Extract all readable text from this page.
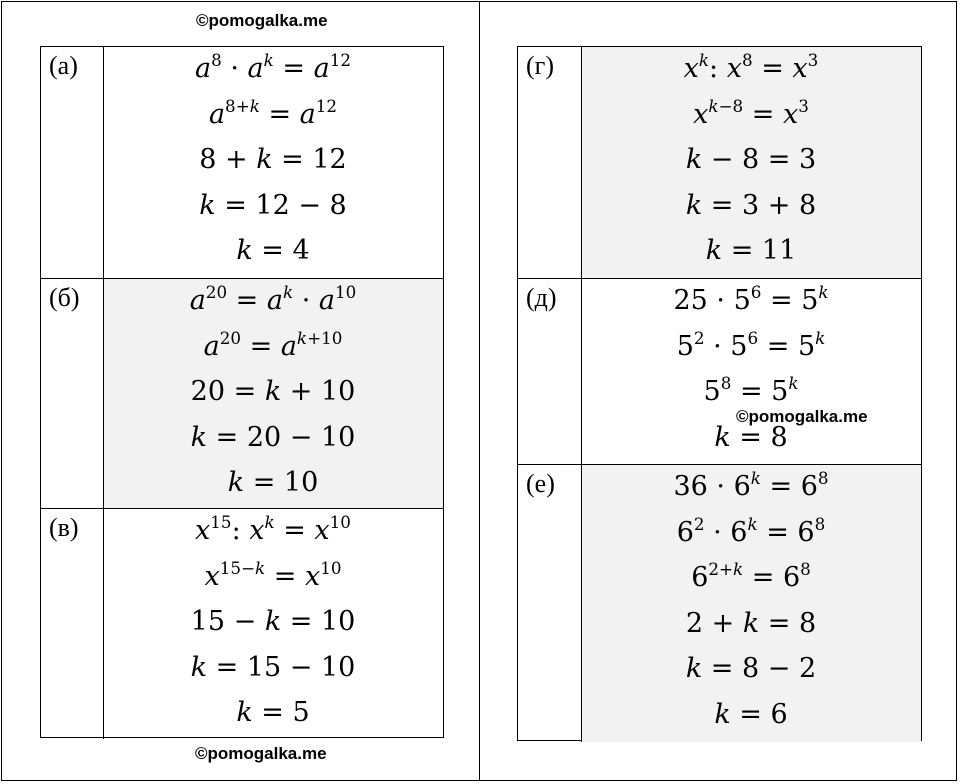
©pomogalka.me
©pomogalka.me
©pomogalka.me
(а)	$a^8 \cdot a^k = a^{12}$
$a^{8+k} = a^{12}$
8 + k = 12
k = 12 − 8
k = 4
(б)	$a^{20} = a^k \cdot a^{10}$
$a^{20} = a^{k+10}$
20 = k + 10
k = 20 − 10
k = 10
(в)	$x^{15}$: $x^k = x^{10}$
$x^{15-k} = x^{10}$
15 − k = 10
k = 15 − 10
k = 5
(г)	$x^k$: $x^8 = x^3$
$x^{k-8} = x^3$
k − 8 = 3
k = 3 + 8
k = 11
(д)	$25 \cdot 5^6 = 5^k$
$5^2 \cdot 5^6 = 5^k$
$5^8 = 5^k$
k = 8
(е)	$36 \cdot 6^k = 6^8$
$6^2 \cdot 6^k = 6^8$
$6^{2+k} = 6^8$
2 + k = 8
k = 8 − 2
k = 6
